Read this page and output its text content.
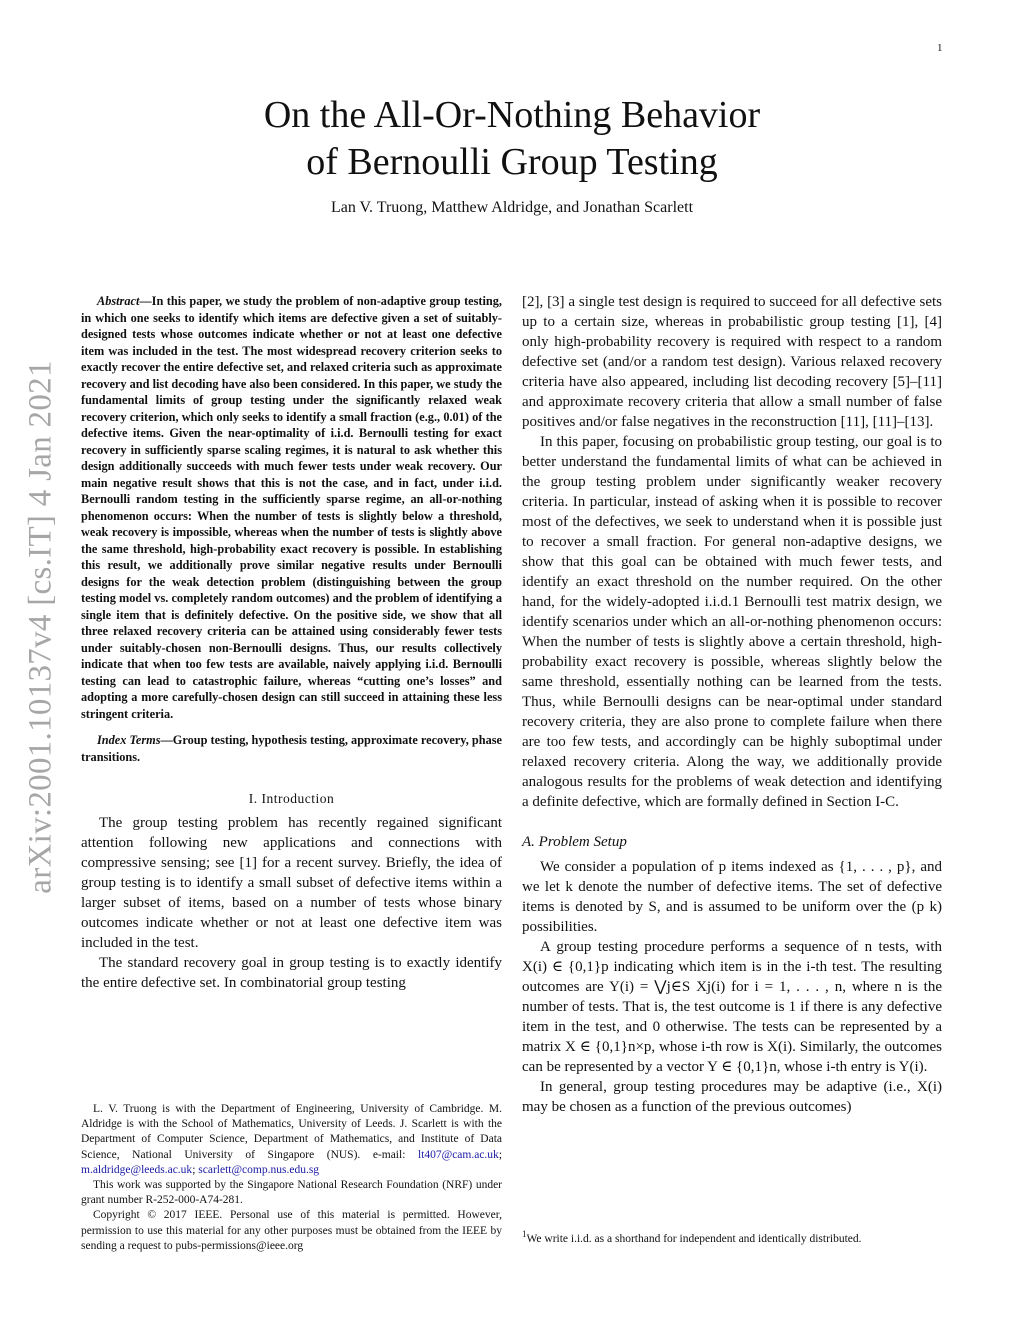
1
On the All-Or-Nothing Behavior
of Bernoulli Group Testing
Lan V. Truong, Matthew Aldridge, and Jonathan Scarlett
arXiv:2001.10137v4 [cs.IT] 4 Jan 2021

Abstract—In this paper, we study the problem of non-adaptive group testing, in which one seeks to identify which items are defective given a set of suitably-designed tests whose outcomes indicate whether or not at least one defective item was included in the test. The most widespread recovery criterion seeks to exactly recover the entire defective set, and relaxed criteria such as approximate recovery and list decoding have also been considered. In this paper, we study the fundamental limits of group testing under the significantly relaxed weak recovery criterion, which only seeks to identify a small fraction (e.g., 0.01) of the defective items. Given the near-optimality of i.i.d. Bernoulli testing for exact recovery in sufficiently sparse scaling regimes, it is natural to ask whether this design additionally succeeds with much fewer tests under weak recovery. Our main negative result shows that this is not the case, and in fact, under i.i.d. Bernoulli random testing in the sufficiently sparse regime, an all-or-nothing phenomenon occurs: When the number of tests is slightly below a threshold, weak recovery is impossible, whereas when the number of tests is slightly above the same threshold, high-probability exact recovery is possible. In establishing this result, we additionally prove similar negative results under Bernoulli designs for the weak detection problem (distinguishing between the group testing model vs. completely random outcomes) and the problem of identifying a single item that is definitely defective. On the positive side, we show that all three relaxed recovery criteria can be attained using considerably fewer tests under suitably-chosen non-Bernoulli designs. Thus, our results collectively indicate that when too few tests are available, naively applying i.i.d. Bernoulli testing can lead to catastrophic failure, whereas “cutting one’s losses” and adopting a more carefully-chosen design can still succeed in attaining these less stringent criteria.

Index Terms—Group testing, hypothesis testing, approximate recovery, phase transitions.

I. Introduction

The group testing problem has recently regained significant attention following new applications and connections with compressive sensing; see [1] for a recent survey. Briefly, the idea of group testing is to identify a small subset of defective items within a larger subset of items, based on a number of tests whose binary outcomes indicate whether or not at least one defective item was included in the test.

The standard recovery goal in group testing is to exactly identify the entire defective set. In combinatorial group testing

L. V. Truong is with the Department of Engineering, University of Cambridge. M. Aldridge is with the School of Mathematics, University of Leeds. J. Scarlett is with the Department of Computer Science, Department of Mathematics, and Institute of Data Science, National University of Singapore (NUS). e-mail: lt407@cam.ac.uk; m.aldridge@leeds.ac.uk; scarlett@comp.nus.edu.sg

This work was supported by the Singapore National Research Foundation (NRF) under grant number R-252-000-A74-281.

Copyright © 2017 IEEE. Personal use of this material is permitted. However, permission to use this material for any other purposes must be obtained from the IEEE by sending a request to pubs-permissions@ieee.org

[2], [3] a single test design is required to succeed for all defective sets up to a certain size, whereas in probabilistic group testing [1], [4] only high-probability recovery is required with respect to a random defective set (and/or a random test design). Various relaxed recovery criteria have also appeared, including list decoding recovery [5]–[11] and approximate recovery criteria that allow a small number of false positives and/or false negatives in the reconstruction [11], [11]–[13].

In this paper, focusing on probabilistic group testing, our goal is to better understand the fundamental limits of what can be achieved in the group testing problem under significantly weaker recovery criteria. In particular, instead of asking when it is possible to recover most of the defectives, we seek to understand when it is possible just to recover a small fraction. For general non-adaptive designs, we show that this goal can be obtained with much fewer tests, and identify an exact threshold on the number required. On the other hand, for the widely-adopted i.i.d.1 Bernoulli test matrix design, we identify scenarios under which an all-or-nothing phenomenon occurs: When the number of tests is slightly above a certain threshold, high-probability exact recovery is possible, whereas slightly below the same threshold, essentially nothing can be learned from the tests. Thus, while Bernoulli designs can be near-optimal under standard recovery criteria, they are also prone to complete failure when there are too few tests, and accordingly can be highly suboptimal under relaxed recovery criteria. Along the way, we additionally provide analogous results for the problems of weak detection and identifying a definite defective, which are formally defined in Section I-C.

A. Problem Setup

We consider a population of p items indexed as {1, . . . , p}, and we let k denote the number of defective items. The set of defective items is denoted by S, and is assumed to be uniform over the (p k) possibilities.

A group testing procedure performs a sequence of n tests, with X(i) ∈ {0,1}p indicating which item is in the i-th test. The resulting outcomes are Y(i) = ⋁j∈S Xj(i) for i = 1, . . . , n, where n is the number of tests. That is, the test outcome is 1 if there is any defective item in the test, and 0 otherwise. The tests can be represented by a matrix X ∈ {0,1}n×p, whose i-th row is X(i). Similarly, the outcomes can be represented by a vector Y ∈ {0,1}n, whose i-th entry is Y(i).

In general, group testing procedures may be adaptive (i.e., X(i) may be chosen as a function of the previous outcomes)

$^1$We write i.i.d. as a shorthand for independent and identically distributed.
